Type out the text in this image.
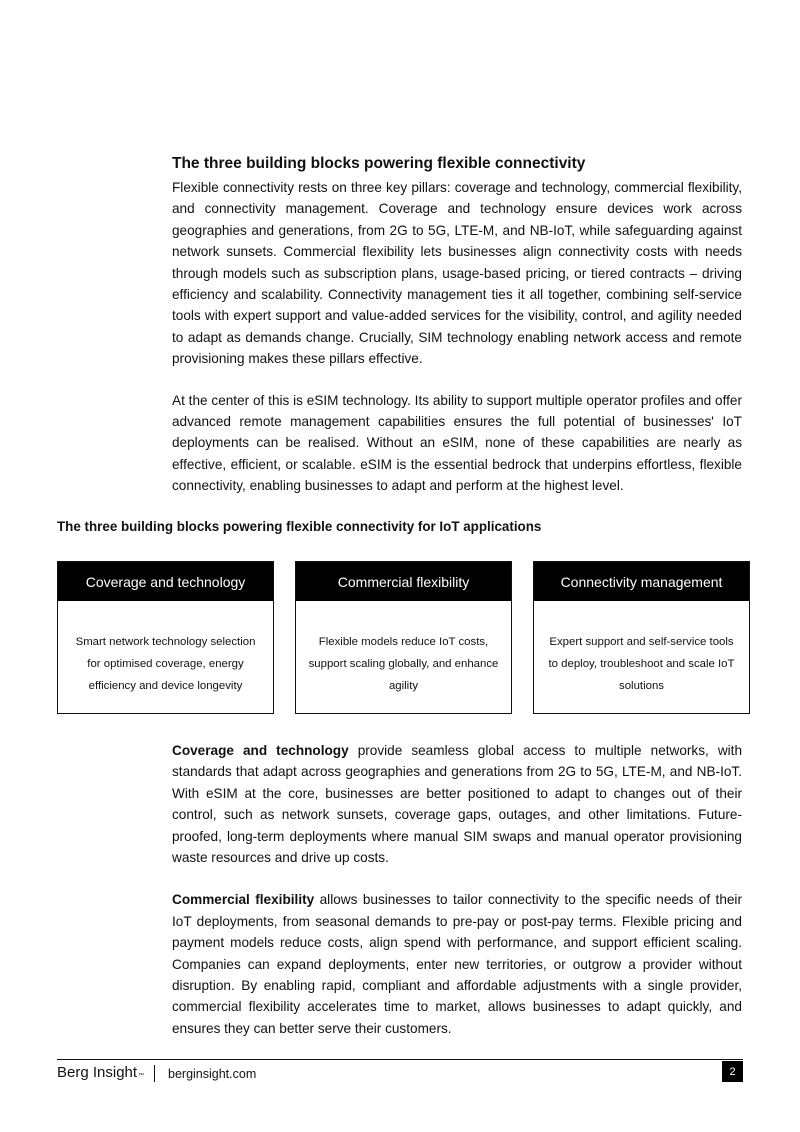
The three building blocks powering flexible connectivity

Flexible connectivity rests on three key pillars: coverage and technology, commercial flexibility, and connectivity management. Coverage and technology ensure devices work across geographies and generations, from 2G to 5G, LTE-M, and NB-IoT, while safeguarding against network sunsets. Commercial flexibility lets businesses align connectivity costs with needs through models such as subscription plans, usage-based pricing, or tiered contracts – driving efficiency and scalability. Connectivity management ties it all together, combining self-service tools with expert support and value-added services for the visibility, control, and agility needed to adapt as demands change. Crucially, SIM technology enabling network access and remote provisioning makes these pillars effective.

At the center of this is eSIM technology. Its ability to support multiple operator profiles and offer advanced remote management capabilities ensures the full potential of businesses' IoT deployments can be realised. Without an eSIM, none of these capabilities are nearly as effective, efficient, or scalable. eSIM is the essential bedrock that underpins effortless, flexible connectivity, enabling businesses to adapt and perform at the highest level.

The three building blocks powering flexible connectivity for IoT applications

Coverage and technology
Smart network technology selection for optimised coverage, energy efficiency and device longevity
Commercial flexibility
Flexible models reduce IoT costs, support scaling globally, and enhance agility
Connectivity management
Expert support and self-service tools to deploy, troubleshoot and scale IoT solutions

Coverage and technology provide seamless global access to multiple networks, with standards that adapt across geographies and generations from 2G to 5G, LTE-M, and NB-IoT. With eSIM at the core, businesses are better positioned to adapt to changes out of their control, such as network sunsets, coverage gaps, outages, and other limitations. Future-proofed, long-term deployments where manual SIM swaps and manual operator provisioning waste resources and drive up costs.

Commercial flexibility allows businesses to tailor connectivity to the specific needs of their IoT deployments, from seasonal demands to pre-pay or post-pay terms. Flexible pricing and payment models reduce costs, align spend with performance, and support efficient scaling. Companies can expand deployments, enter new territories, or outgrow a provider without disruption. By enabling rapid, compliant and affordable adjustments with a single provider, commercial flexibility accelerates time to market, allows businesses to adapt quickly, and ensures they can better serve their customers.

Berg Insight$_™$ berginsight.com	2
